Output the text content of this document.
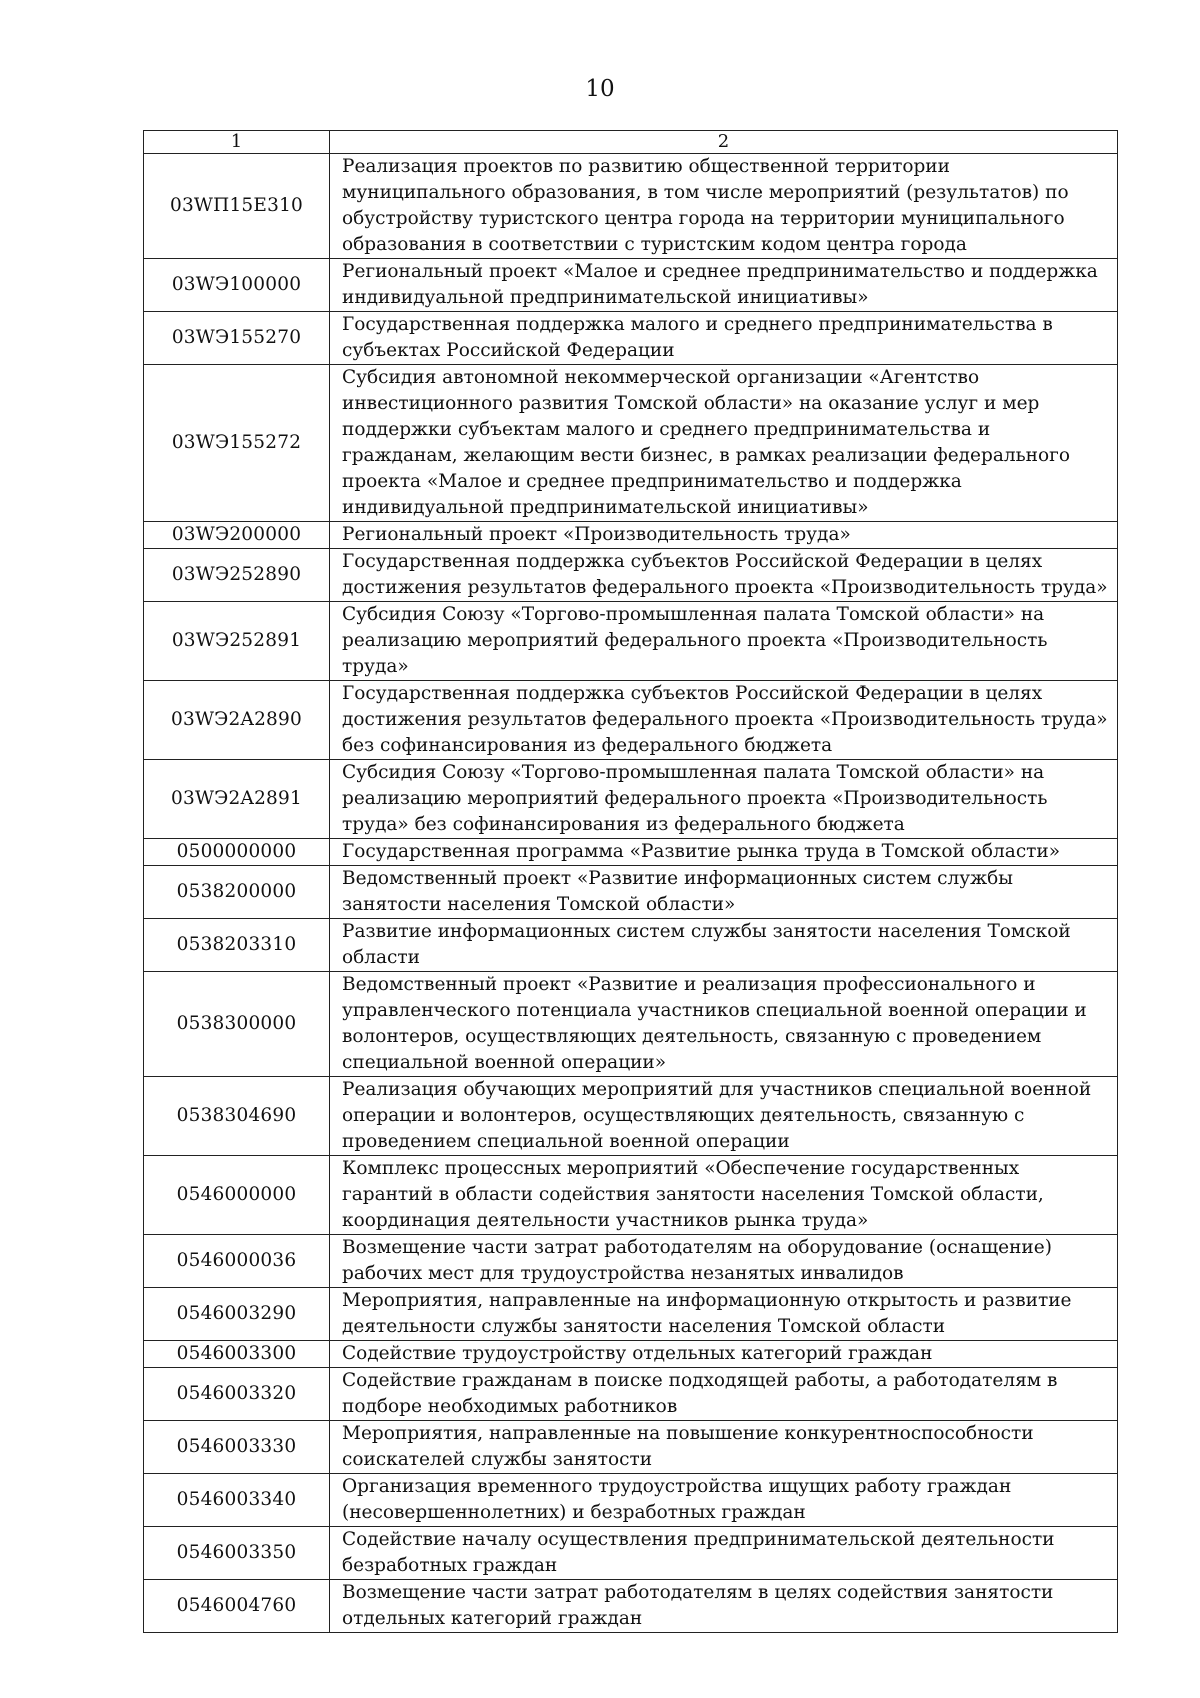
10
1	2
03WП15E310	Реализация проектов по развитию общественной территории муниципального образования, в том числе мероприятий (результатов) по обустройству туристского центра города на территории муниципального образования в соответствии с туристским кодом центра города
03WЭ100000	Региональный проект «Малое и среднее предпринимательство и поддержка индивидуальной предпринимательской инициативы»
03WЭ155270	Государственная поддержка малого и среднего предпринимательства в субъектах Российской Федерации
03WЭ155272	Субсидия автономной некоммерческой организации «Агентство инвестиционного развития Томской области» на оказание услуг и мер поддержки субъектам малого и среднего предпринимательства и гражданам, желающим вести бизнес, в рамках реализации федерального проекта «Малое и среднее предпринимательство и поддержка индивидуальной предпринимательской инициативы»
03WЭ200000	Региональный проект «Производительность труда»
03WЭ252890	Государственная поддержка субъектов Российской Федерации в целях достижения результатов федерального проекта «Производительность труда»
03WЭ252891	Субсидия Союзу «Торгово-промышленная палата Томской области» на реализацию мероприятий федерального проекта «Производительность труда»
03WЭ2A2890	Государственная поддержка субъектов Российской Федерации в целях достижения результатов федерального проекта «Производительность труда» без софинансирования из федерального бюджета
03WЭ2A2891	Субсидия Союзу «Торгово-промышленная палата Томской области» на реализацию мероприятий федерального проекта «Производительность труда» без софинансирования из федерального бюджета
0500000000	Государственная программа «Развитие рынка труда в Томской области»
0538200000	Ведомственный проект «Развитие информационных систем службы занятости населения Томской области»
0538203310	Развитие информационных систем службы занятости населения Томской области
0538300000	Ведомственный проект «Развитие и реализация профессионального и управленческого потенциала участников специальной военной операции и волонтеров, осуществляющих деятельность, связанную с проведением специальной военной операции»
0538304690	Реализация обучающих мероприятий для участников специальной военной операции и волонтеров, осуществляющих деятельность, связанную с проведением специальной военной операции
0546000000	Комплекс процессных мероприятий «Обеспечение государственных гарантий в области содействия занятости населения Томской области, координация деятельности участников рынка труда»
0546000036	Возмещение части затрат работодателям на оборудование (оснащение) рабочих мест для трудоустройства незанятых инвалидов
0546003290	Мероприятия, направленные на информационную открытость и развитие деятельности службы занятости населения Томской области
0546003300	Содействие трудоустройству отдельных категорий граждан
0546003320	Содействие гражданам в поиске подходящей работы, а работодателям в подборе необходимых работников
0546003330	Мероприятия, направленные на повышение конкурентноспособности соискателей службы занятости
0546003340	Организация временного трудоустройства ищущих работу граждан (несовершеннолетних) и безработных граждан
0546003350	Содействие началу осуществления предпринимательской деятельности безработных граждан
0546004760	Возмещение части затрат работодателям в целях содействия занятости отдельных категорий граждан
